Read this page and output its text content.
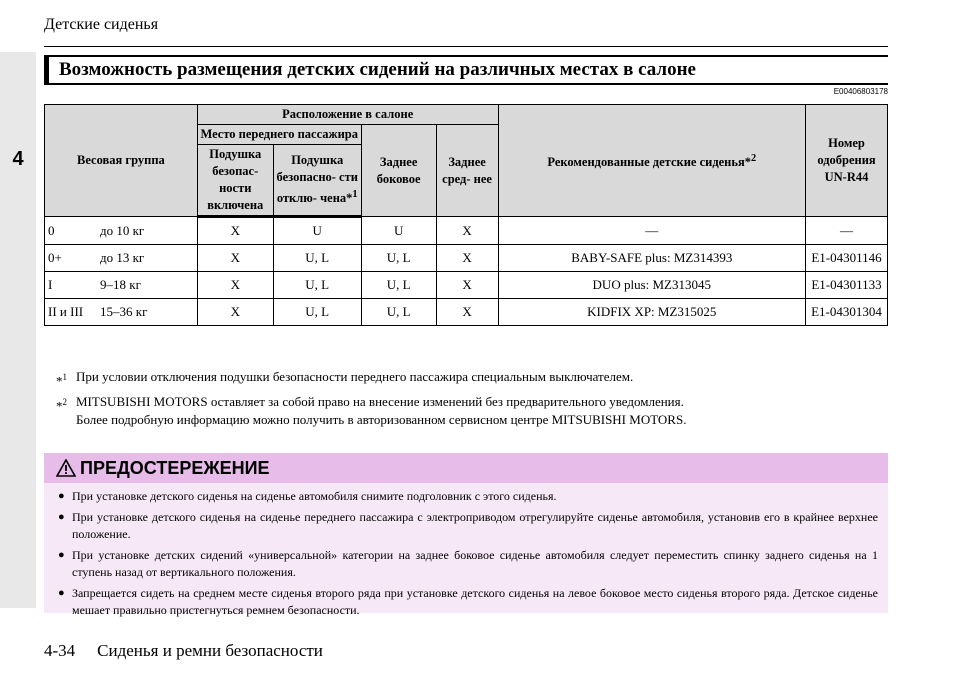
4
Детские сиденья
Возможность размещения детских сидений на различных местах в салоне
E00406803178
Весовая группа	Расположение в салоне				Рекомендованные детские сиденья*$^2$	Номер одобрения UN-R44
	Место переднего пассажира		Заднее боковое	Заднее сред- нее		
	Подушка безопас- ности включена	Подушка безопасно- сти отклю- чена*$^1$

0 до 10 кг	X	U	U	X	—	—

0+ до 13 кг	X	U, L	U, L	X	BABY-SAFE plus: MZ314393	E1-04301146

I 9–18 кг	X	U, L	U, L	X	DUO plus: MZ313045	E1-04301133

II и III 15–36 кг	X	U, L	U, L	X	KIDFIX XP: MZ315025	E1-04301304
*$^1$ При условии отключения подушки безопасности переднего пассажира специальным выключателем.
*$^2$ MITSUBISHI MOTORS оставляет за собой право на внесение изменений без предварительного уведомления.
Более подробную информацию можно получить в авторизованном сервисном центре MITSUBISHI MOTORS.
ПРЕДОСТЕРЕЖЕНИЕ
● При установке детского сиденья на сиденье автомобиля снимите подголовник с этого сиденья.
● При установке детского сиденья на сиденье переднего пассажира с электроприводом отрегулируйте сиденье автомобиля, установив его в крайнее верхнее положение.
● При установке детских сидений «универсальной» категории на заднее боковое сиденье автомобиля следует переместить спинку заднего сиденья на 1 ступень назад от вертикального положения.
● Запрещается сидеть на среднем месте сиденья второго ряда при установке детского сиденья на левое боковое место сиденья второго ряда. Детское сиденье мешает правильно пристегнуться ремнем безопасности.
4-34 Сиденья и ремни безопасности
